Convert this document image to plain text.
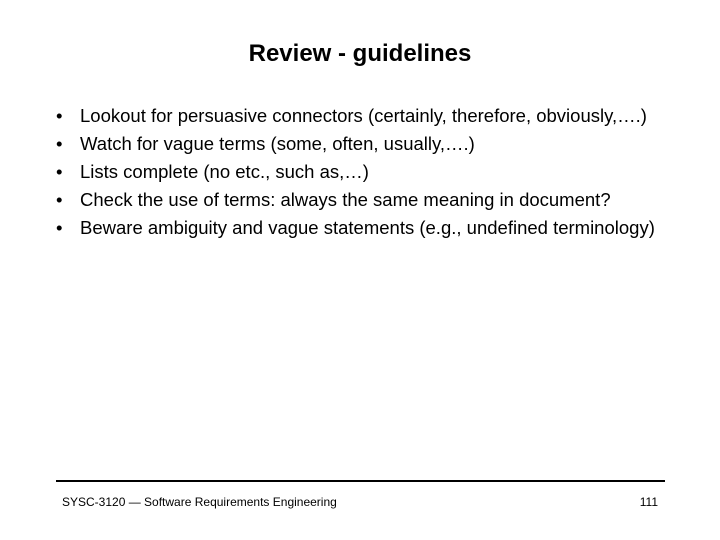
Review - guidelines
• Lookout for persuasive connectors (certainly, therefore, obviously,….)
• Watch for vague terms (some, often, usually,….)
• Lists complete (no etc., such as,…)
• Check the use of terms: always the same meaning in document?
• Beware ambiguity and vague statements (e.g., undefined terminology)
SYSC-3120 — Software Requirements Engineering	111
